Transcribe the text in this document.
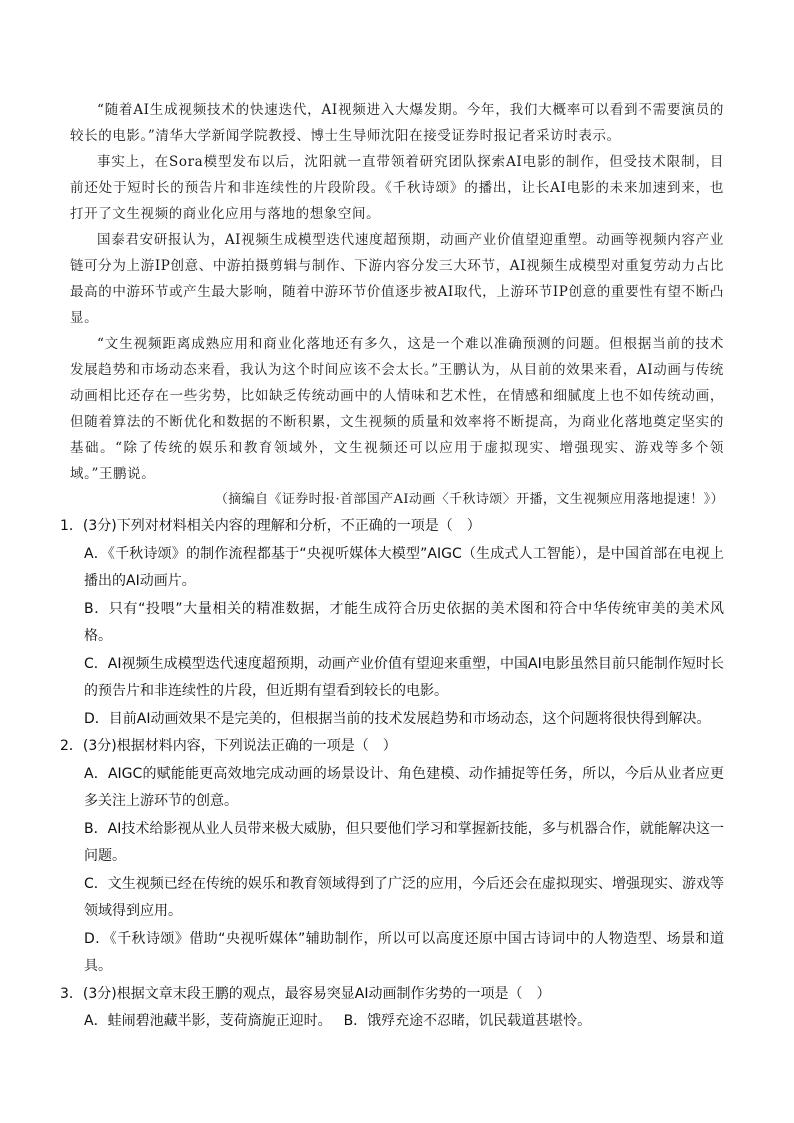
“随着AI生成视频技术的快速迭代，AI视频进入大爆发期。今年，我们大概率可以看到不需要演员的较长的电影。”清华大学新闻学院教授、博士生导师沈阳在接受证券时报记者采访时表示。

事实上，在Sora模型发布以后，沈阳就一直带领着研究团队探索AI电影的制作，但受技术限制，目前还处于短时长的预告片和非连续性的片段阶段。《千秋诗颂》的播出，让长AI电影的未来加速到来，也打开了文生视频的商业化应用与落地的想象空间。

国泰君安研报认为，AI视频生成模型迭代速度超预期，动画产业价值望迎重塑。动画等视频内容产业链可分为上游IP创意、中游拍摄剪辑与制作、下游内容分发三大环节，AI视频生成模型对重复劳动力占比最高的中游环节或产生最大影响，随着中游环节价值逐步被AI取代，上游环节IP创意的重要性有望不断凸显。

“文生视频距离成熟应用和商业化落地还有多久，这是一个难以准确预测的问题。但根据当前的技术发展趋势和市场动态来看，我认为这个时间应该不会太长。”王鹏认为，从目前的效果来看，AI动画与传统动画相比还存在一些劣势，比如缺乏传统动画中的人情味和艺术性，在情感和细腻度上也不如传统动画，但随着算法的不断优化和数据的不断积累，文生视频的质量和效率将不断提高，为商业化落地奠定坚实的基础。“除了传统的娱乐和教育领域外，文生视频还可以应用于虚拟现实、增强现实、游戏等多个领域。”王鹏说。

（摘编自《证券时报·首部国产AI动画〈千秋诗颂〉开播，文生视频应用落地提速！》）

1．(3分)下列对材料相关内容的理解和分析，不正确的一项是（　）

A．《千秋诗颂》的制作流程都基于“央视听媒体大模型”AIGC（生成式人工智能），是中国首部在电视上播出的AI动画片。

B．只有“投喂”大量相关的精准数据，才能生成符合历史依据的美术图和符合中华传统审美的美术风格。

C．AI视频生成模型迭代速度超预期，动画产业价值有望迎来重塑，中国AI电影虽然目前只能制作短时长的预告片和非连续性的片段，但近期有望看到较长的电影。

D．目前AI动画效果不是完美的，但根据当前的技术发展趋势和市场动态，这个问题将很快得到解决。

2．(3分)根据材料内容，下列说法正确的一项是（　）

A．AIGC的赋能能更高效地完成动画的场景设计、角色建模、动作捕捉等任务，所以，今后从业者应更多关注上游环节的创意。

B．AI技术给影视从业人员带来极大威胁，但只要他们学习和掌握新技能，多与机器合作，就能解决这一问题。

C．文生视频已经在传统的娱乐和教育领域得到了广泛的应用，今后还会在虚拟现实、增强现实、游戏等领域得到应用。

D．《千秋诗颂》借助“央视听媒体”辅助制作，所以可以高度还原中国古诗词中的人物造型、场景和道具。

3．(3分)根据文章末段王鹏的观点，最容易突显AI动画制作劣势的一项是（　）

A．蛙闹碧池藏半影，芰荷旖旎正迎时。 B．饿殍充途不忍睹，饥民载道甚堪怜。
